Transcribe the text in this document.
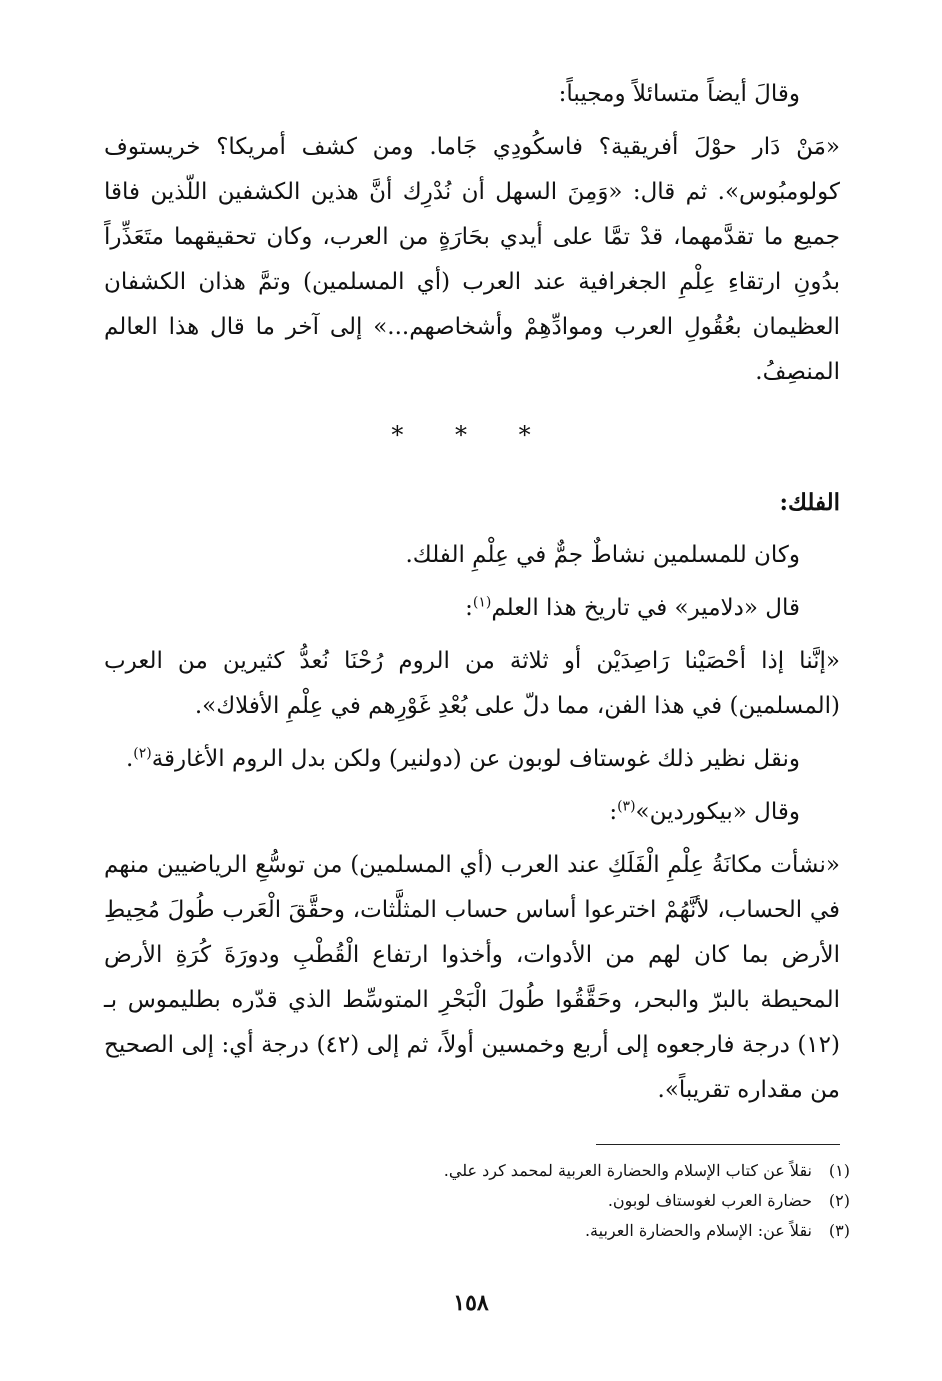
وقالَ أيضاً متسائلاً ومجيباً:

«مَنْ دَار حوْلَ أفريقية؟ فاسكُودِي جَاما. ومن كشف أمريكا؟ خريستوف كولومبُوس». ثم قال: «وَمِنَ السهل أن نُدْرِك أنَّ هذين الكشفين اللّذين فاقا جميع ما تقدَّمهما، قدْ تمَّا على أيدي بحَارَةٍ من العرب، وكان تحقيقهما متَعَذِّراً بدُونِ ارتقاءِ عِلْمِ الجغرافية عند العرب (أي المسلمين) وتمَّ هذان الكشفان العظيمان بعُقُولِ العرب وموادِّهِمْ وأشخاصهم...» إلى آخر ما قال هذا العالم المنصِفُ.

* * *

الفلك:

وكان للمسلمين نشاطٌ جمٌّ في عِلْمِ الفلك.

قال «دلامير» في تاريخ هذا العلم$^{(١)}$:

«إنَّنا إذا أحْصَيْنا رَاصِدَيْن أو ثلاثة من الروم رُحْنَا نُعدُّ كثيرين من العرب (المسلمين) في هذا الفن، مما دلّ على بُعْدِ غَوْرِهم في عِلْمِ الأفلاك».

ونقل نظير ذلك غوستاف لوبون عن (دولنير) ولكن بدل الروم الأغارقة$^{(٢)}$.

وقال «بيكوردين»$^{(٣)}$:

«نشأت مكانَةُ عِلْمِ الْفَلَكِ عند العرب (أي المسلمين) من توسُّعِ الرياضيين منهم في الحساب، لأنَّهُمْ اخترعوا أساس حساب المثلَّثات، وحقَّقَ الْعَرب طُولَ مُحِيطِ الأرض بما كان لهم من الأدوات، وأخذوا ارتفاع الْقُطْبِ ودورَةَ كُرَةِ الأرض المحيطة بالبرّ والبحر، وحَقَّقُوا طُولَ الْبَحْرِ المتوسِّط الذي قدّره بطليموس بـ (١٢) درجة فارجعوه إلى أربع وخمسين أولاً، ثم إلى (٤٢) درجة أي: إلى الصحيح من مقداره تقريباً».

(١)نقلاً عن كتاب الإسلام والحضارة العربية لمحمد كرد علي.

(٢)حضارة العرب لغوستاف لوبون.

(٣)نقلاً عن: الإسلام والحضارة العربية.

١٥٨
